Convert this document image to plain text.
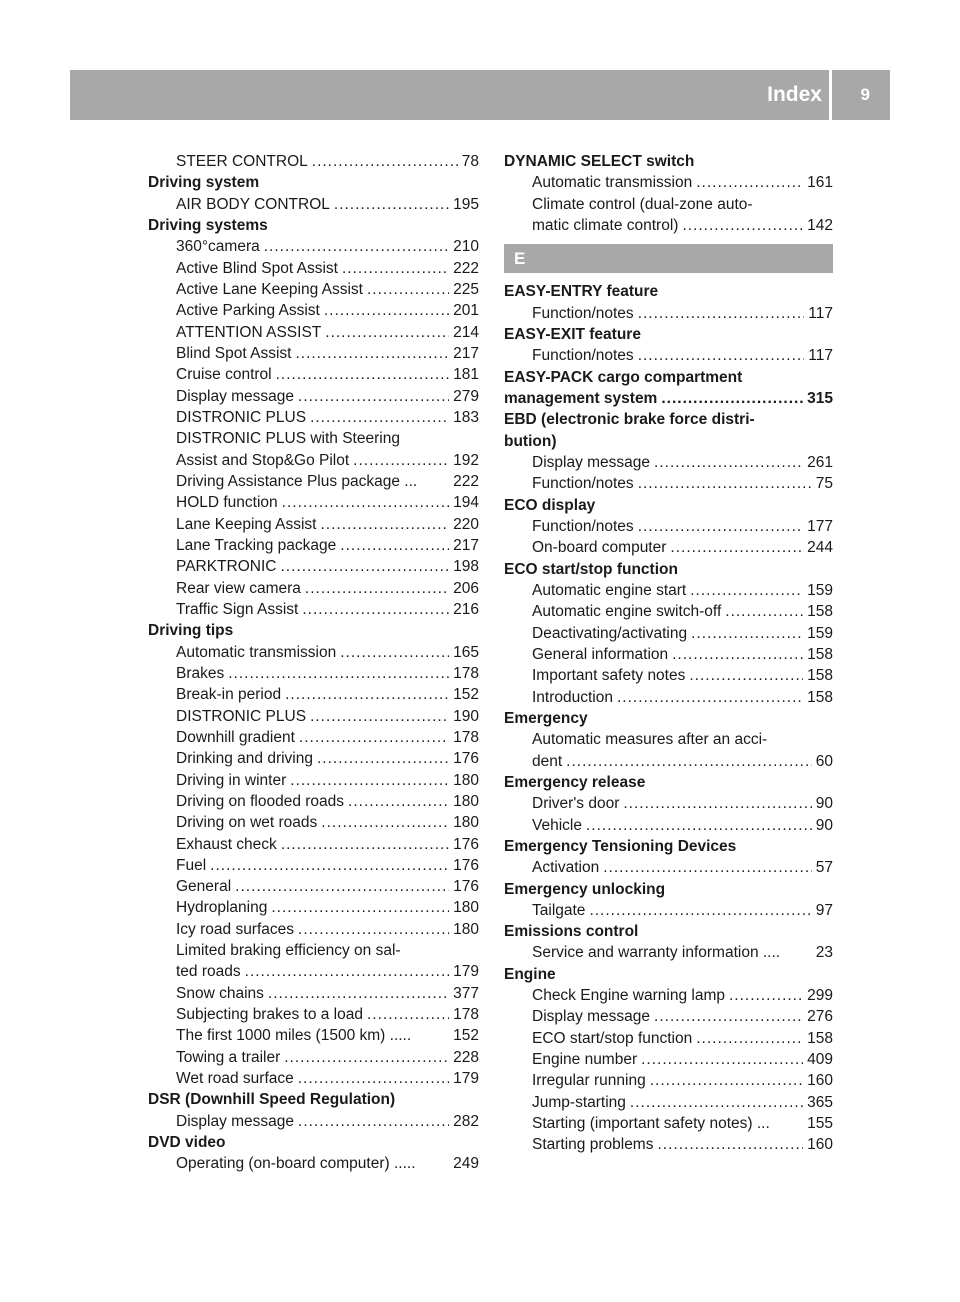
Index 9
STEER CONTROL .....	78
Driving system
AIR BODY CONTROL .....	195
Driving systems
360°camera .....	210
Active Blind Spot Assist .....	222
Active Lane Keeping Assist .....	225
Active Parking Assist .....	201
ATTENTION ASSIST .....	214
Blind Spot Assist .....	217
Cruise control .....	181
Display message .....	279
DISTRONIC PLUS .....	183
DISTRONIC PLUS with Steering
Assist and Stop&Go Pilot .....	192
Driving Assistance Plus package ... 222
HOLD function .....	194
Lane Keeping Assist .....	220
Lane Tracking package .....	217
PARKTRONIC .....	198
Rear view camera .....	206
Traffic Sign Assist .....	216
Driving tips
Automatic transmission .....	165
Brakes .....	178
Break-in period .....	152
DISTRONIC PLUS .....	190
Downhill gradient .....	178
Drinking and driving .....	176
Driving in winter .....	180
Driving on flooded roads .....	180
Driving on wet roads .....	180
Exhaust check .....	176
Fuel .....	176
General .....	176
Hydroplaning .....	180
Icy road surfaces .....	180
Limited braking efficiency on sal-
ted roads .....	179
Snow chains .....	377
Subjecting brakes to a load .....	178
The first 1000 miles (1500 km) .....	152
Towing a trailer .....	228
Wet road surface .....	179
DSR (Downhill Speed Regulation)
Display message .....	282
DVD video
Operating (on-board computer) ..... 249
DYNAMIC SELECT switch
Automatic transmission .....	161
Climate control (dual-zone auto-
matic climate control) .....	142
E
EASY-ENTRY feature
Function/notes .....	117
EASY-EXIT feature
Function/notes .....	117
EASY-PACK cargo compartment
management system .....	315
EBD (electronic brake force distri-
bution)
Display message .....	261
Function/notes .....	75
ECO display
Function/notes .....	177
On-board computer .....	244
ECO start/stop function
Automatic engine start .....	159
Automatic engine switch-off .....	158
Deactivating/activating .....	159
General information .....	158
Important safety notes .....	158
Introduction .....	158
Emergency
Automatic measures after an acci-
dent .....	60
Emergency release
Driver's door .....	90
Vehicle .....	90
Emergency Tensioning Devices
Activation .....	57
Emergency unlocking
Tailgate .....	97
Emissions control
Service and warranty information .... 23
Engine
Check Engine warning lamp .....	299
Display message .....	276
ECO start/stop function .....	158
Engine number .....	409
Irregular running .....	160
Jump-starting .....	365
Starting (important safety notes) ... 155
Starting problems .....	160
